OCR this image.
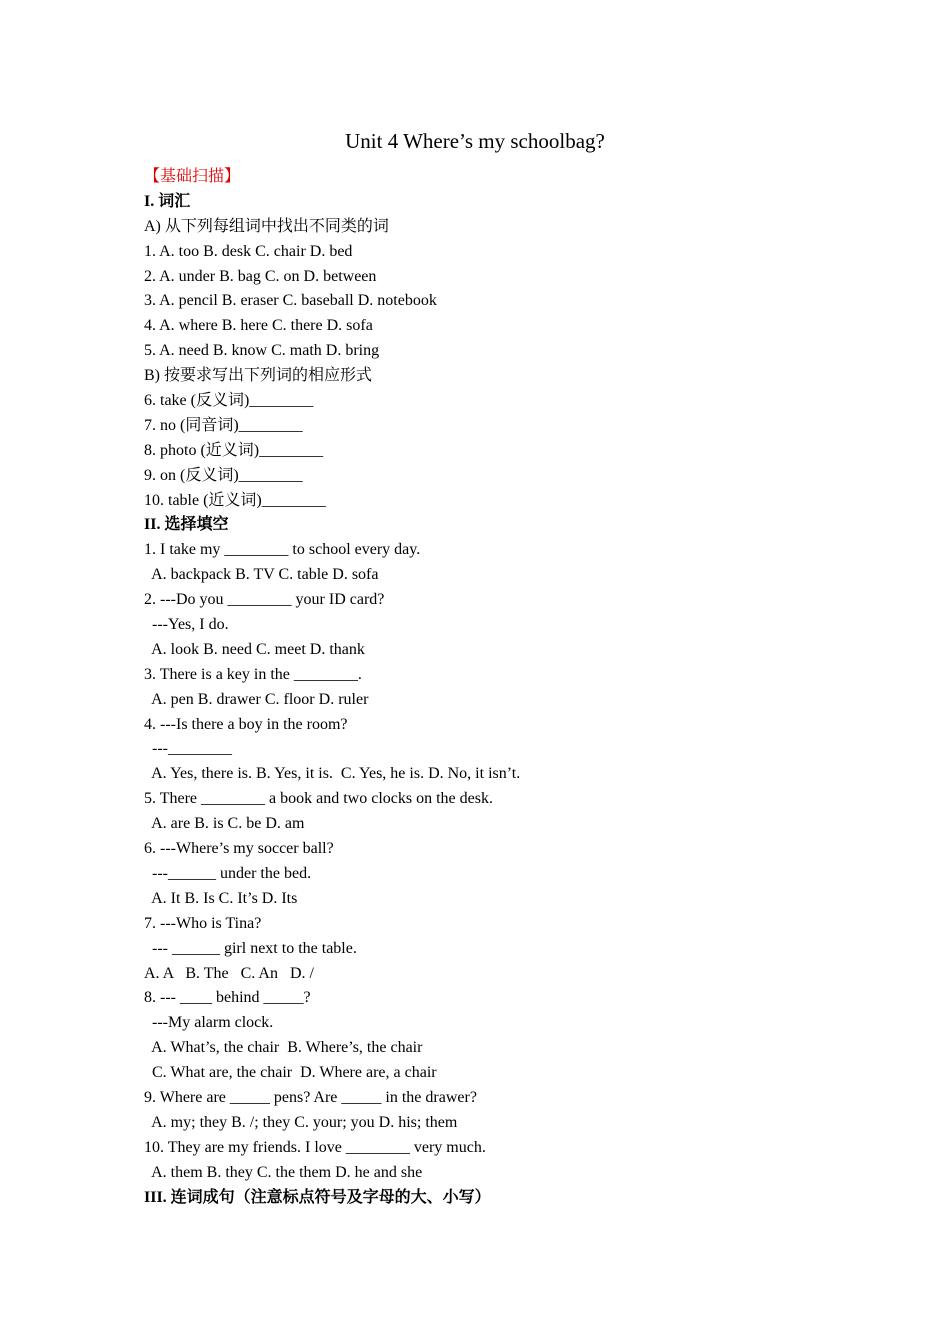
Unit 4 Where’s my schoolbag?
【基础扫描】
I. 词汇
A) 从下列每组词中找出不同类的词
1. A. too B. desk C. chair D. bed
2. A. under B. bag C. on D. between
3. A. pencil B. eraser C. baseball D. notebook
4. A. where B. here C. there D. sofa
5. A. need B. know C. math D. bring
B) 按要求写出下列词的相应形式
6. take (反义词)________
7. no (同音词)________
8. photo (近义词)________
9. on (反义词)________
10. table (近义词)________
II. 选择填空
1. I take my ________ to school every day.
A. backpack B. TV C. table D. sofa
2. ---Do you ________ your ID card?
---Yes, I do.
A. look B. need C. meet D. thank
3. There is a key in the ________.
A. pen B. drawer C. floor D. ruler
4. ---Is there a boy in the room?
---________
A. Yes, there is. B. Yes, it is.  C. Yes, he is. D. No, it isn’t.
5. There ________ a book and two clocks on the desk.
A. are B. is C. be D. am
6. ---Where’s my soccer ball?
---______ under the bed.
A. It B. Is C. It’s D. Its
7. ---Who is Tina?
--- ______ girl next to the table.
A. A   B. The   C. An   D. /
8. --- ____ behind _____?
---My alarm clock.
A. What’s, the chair  B. Where’s, the chair
C. What are, the chair  D. Where are, a chair
9. Where are _____ pens? Are _____ in the drawer?
A. my; they B. /; they C. your; you D. his; them
10. They are my friends. I love ________ very much.
A. them B. they C. the them D. he and she
III. 连词成句（注意标点符号及字母的大、小写）
